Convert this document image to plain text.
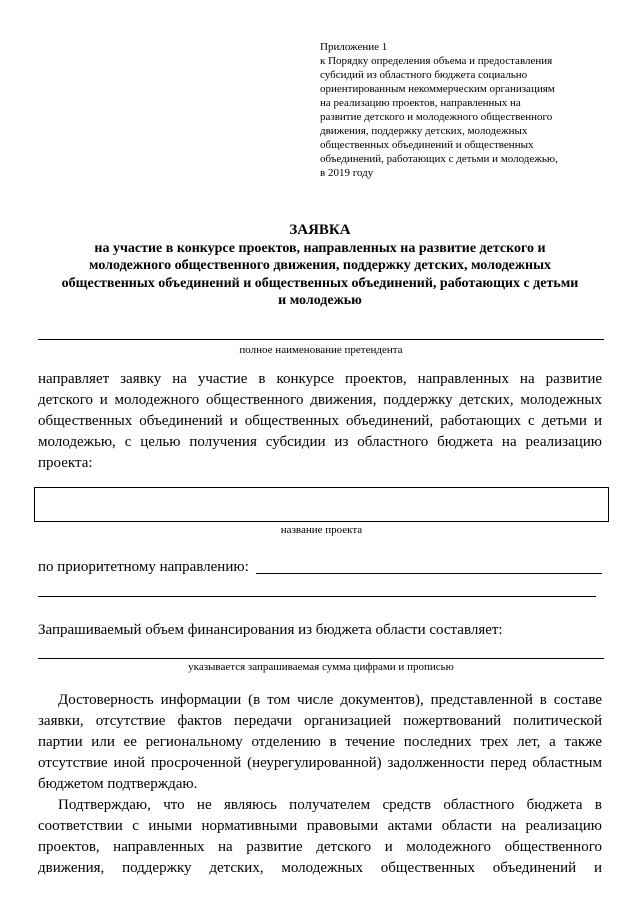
Приложение 1
к Порядку определения объема и предоставления
субсидий из областного бюджета социально
ориентированным некоммерческим организациям
на реализацию проектов, направленных на
развитие детского и молодежного общественного
движения, поддержку детских, молодежных
общественных объединений и общественных
объединений, работающих с детьми и молодежью,
в 2019 году
ЗАЯВКА
на участие в конкурсе проектов, направленных на развитие детского и
молодежного общественного движения, поддержку детских, молодежных
общественных объединений и общественных объединений, работающих с детьми
и молодежью
полное наименование претендента
направляет заявку на участие в конкурсе проектов, направленных на развитие
детского и молодежного общественного движения, поддержку детских, молодежных
общественных объединений и общественных объединений, работающих с детьми и
молодежью, с целью получения субсидии из областного бюджета на реализацию
проекта:
название проекта
по приоритетному направлению:
Запрашиваемый объем финансирования из бюджета области составляет:
указывается запрашиваемая сумма цифрами и прописью
Достоверность информации (в том числе документов), представленной в составе
заявки, отсутствие фактов передачи организацией пожертвований политической
партии или ее региональному отделению в течение последних трех лет, а также
отсутствие иной просроченной (неурегулированной) задолженности перед областным
бюджетом подтверждаю.
Подтверждаю, что не являюсь получателем средств областного бюджета в
соответствии с иными нормативными правовыми актами области на реализацию
проектов, направленных на развитие детского и молодежного общественного
движения, поддержку детских, молодежных общественных объединений и
